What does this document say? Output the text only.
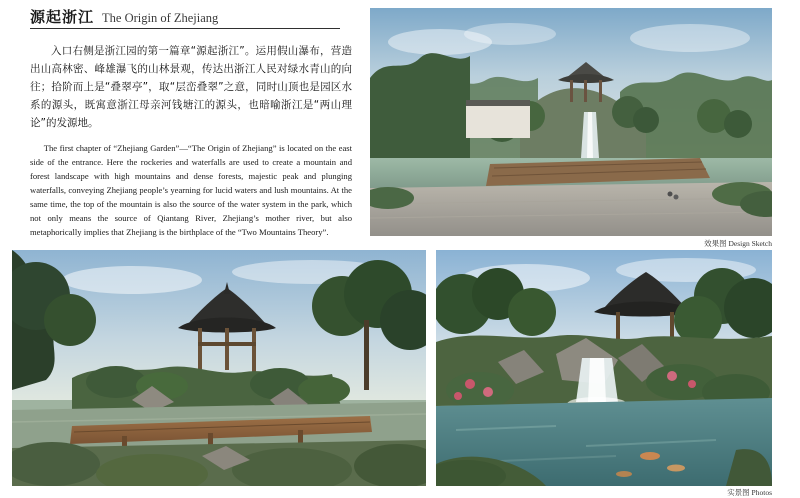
源起浙江 The Origin of Zhejiang

入口右侧是浙江园的第一篇章“源起浙江”。运用假山瀑布，营造出山高林密、峰雄瀑飞的山林景观，传达出浙江人民对绿水青山的向往；拾阶而上是“叠翠亭”，取“层峦叠翠”之意，同时山顶也是园区水系的源头，既寓意浙江母亲河钱塘江的源头，也暗喻浙江是“两山理论”的发源地。

The first chapter of “Zhejiang Garden”—“The Origin of Zhejiang” is located on the east side of the entrance. Here the rockeries and waterfalls are used to create a mountain and forest landscape with high mountains and dense forests, majestic peak and plunging waterfalls, conveying Zhejiang people’s yearning for lucid waters and lush mountains. At the same time, the top of the mountain is also the source of the water system in the park, which not only means the source of Qiantang River, Zhejiang’s mother river, but also metaphorically implies that Zhejiang is the birthplace of the “Two Mountains Theory”.

效果图 Design Sketch
实景图 Photos
